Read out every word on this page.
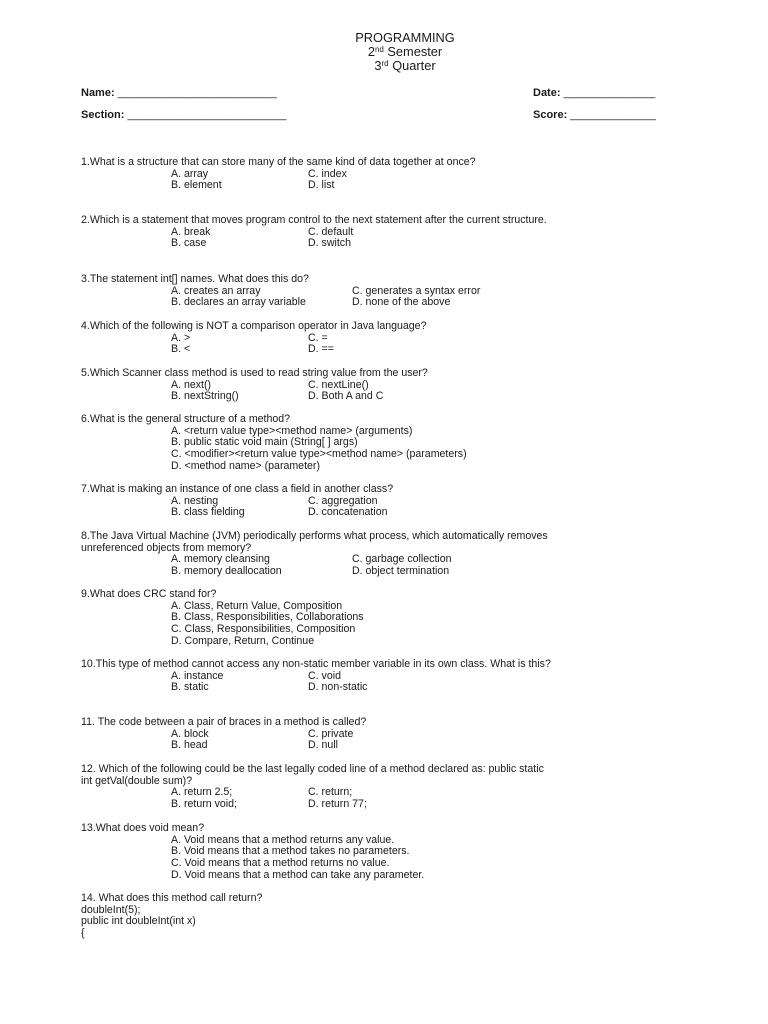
PROGRAMMING
2nd Semester
3rd Quarter
Name: __________________________	Date: _______________
Section: __________________________	Score: ______________
1.What is a structure that can store many of the same kind of data together at once?
A. array	C. index
B. element	D. list
2.Which is a statement that moves program control to the next statement after the current structure.
A. break	C. default
B. case	D. switch
3.The statement int[] names. What does this do?
A. creates an array	C. generates a syntax error
B. declares an array variable	D. none of the above
4.Which of the following is NOT a comparison operator in Java language?
A. >	C. =
B. <	D. ==
5.Which Scanner class method is used to read string value from the user?
A. next()	C. nextLine()
B. nextString()	D. Both A and C
6.What is the general structure of a method?
A. <return value type><method name> (arguments)
B. public static void main (String[ ] args)
C. <modifier><return value type><method name> (parameters)
D. <method name> (parameter)
7.What is making an instance of one class a field in another class?
A. nesting	C. aggregation
B. class fielding	D. concatenation
8.The Java Virtual Machine (JVM) periodically performs what process, which automatically removes unreferenced objects from memory?
A. memory cleansing	C. garbage collection
B. memory deallocation	D. object termination
9.What does CRC stand for?
A. Class, Return Value, Composition
B. Class, Responsibilities, Collaborations
C. Class, Responsibilities, Composition
D. Compare, Return, Continue
10.This type of method cannot access any non-static member variable in its own class. What is this?
A. instance	C. void
B. static	D. non-static
11. The code between a pair of braces in a method is called?
A. block	C. private
B. head	D. null
12. Which of the following could be the last legally coded line of a method declared as: public static int getVal(double sum)?
A. return 2.5;	C. return;
B. return void;	D. return 77;
13.What does void mean?
A. Void means that a method returns any value.
B. Void means that a method takes no parameters.
C. Void means that a method returns no value.
D. Void means that a method can take any parameter.
14. What does this method call return?
doubleInt(5);
public int doubleInt(int x)
{
